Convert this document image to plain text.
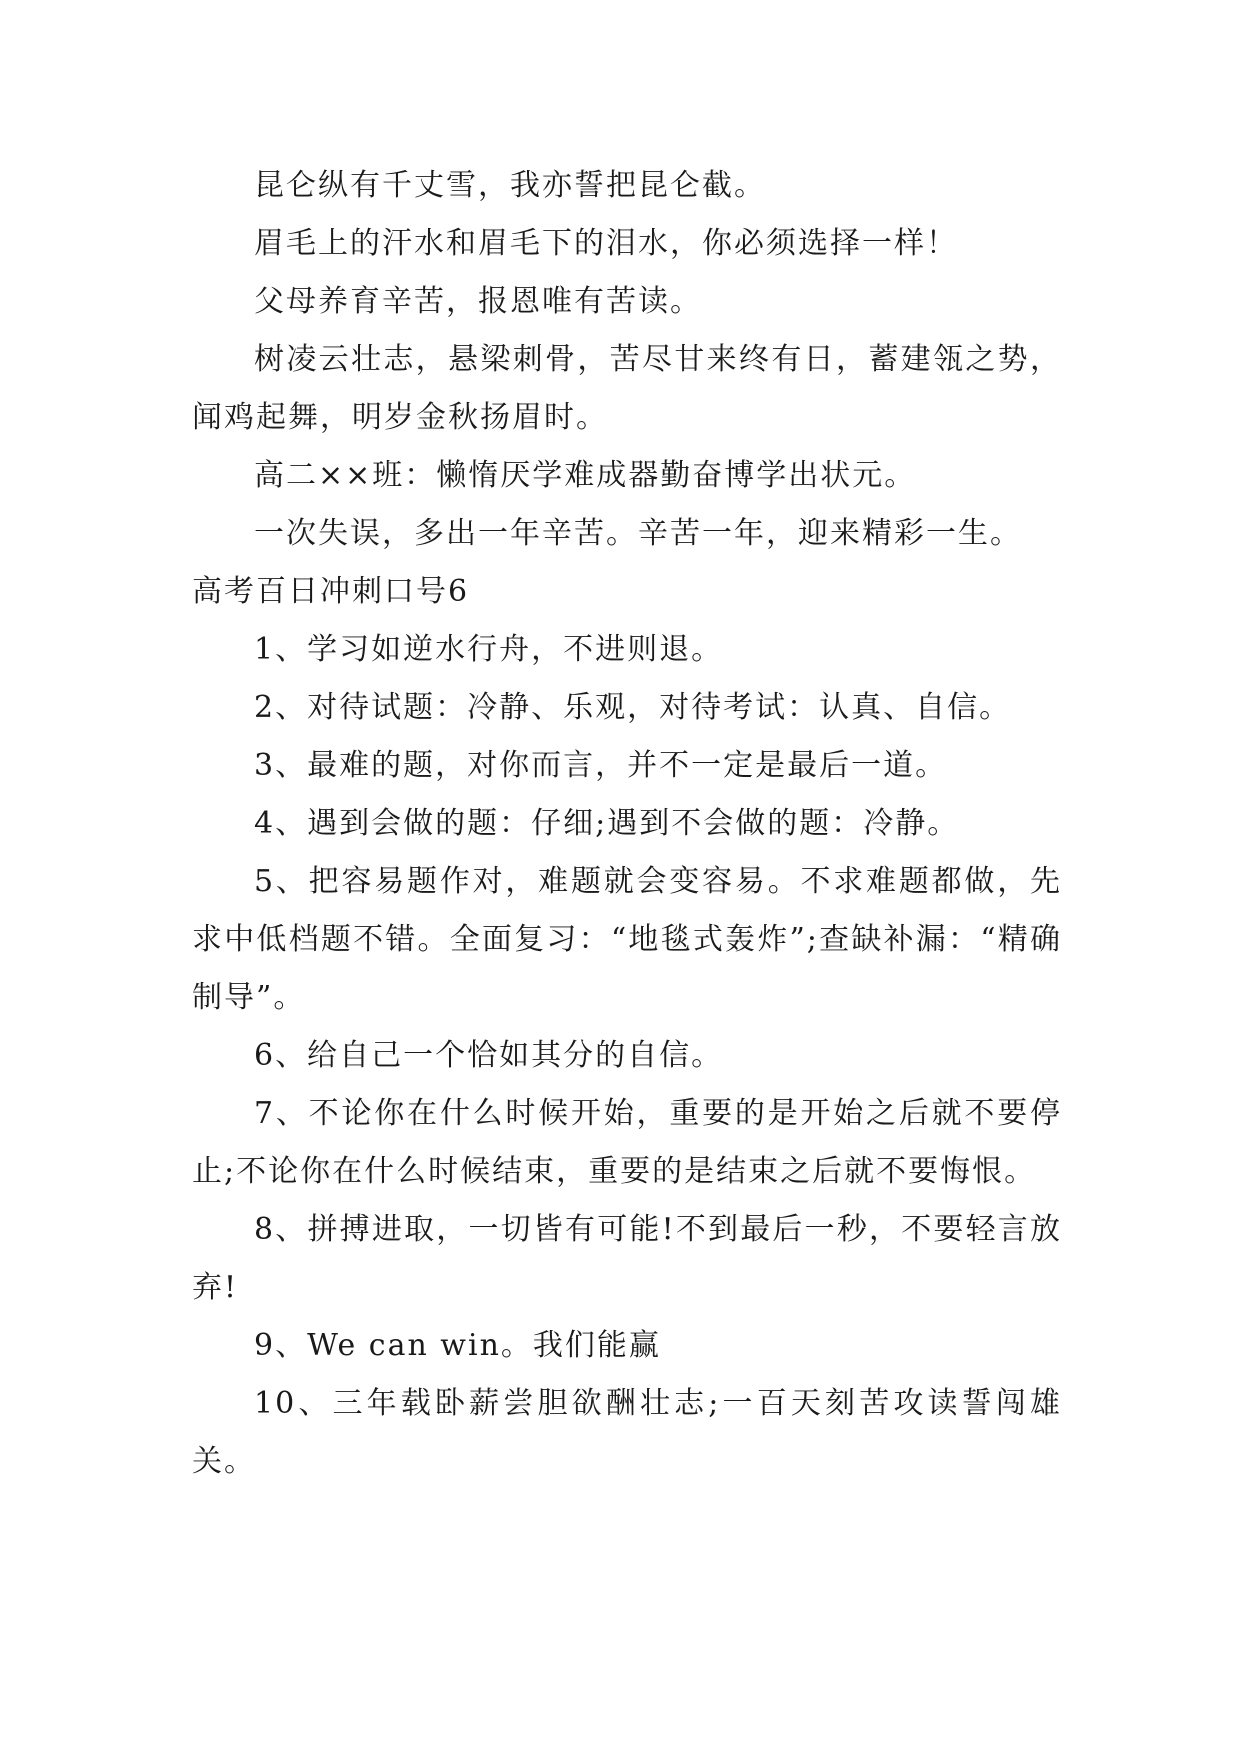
昆仑纵有千丈雪，我亦誓把昆仑截。

眉毛上的汗水和眉毛下的泪水，你必须选择一样！

父母养育辛苦，报恩唯有苦读。

树凌云壮志，悬梁刺骨，苦尽甘来终有日，蓄建瓴之势，闻鸡起舞，明岁金秋扬眉时。

高二××班：懒惰厌学难成器勤奋博学出状元。

一次失误，多出一年辛苦。辛苦一年，迎来精彩一生。

高考百日冲刺口号6

1、学习如逆水行舟，不进则退。

2、对待试题：冷静、乐观，对待考试：认真、自信。

3、最难的题，对你而言，并不一定是最后一道。

4、遇到会做的题：仔细;遇到不会做的题：冷静。

5、把容易题作对，难题就会变容易。不求难题都做，先求中低档题不错。全面复习：“地毯式轰炸”;查缺补漏：“精确制导”。

6、给自己一个恰如其分的自信。

7、不论你在什么时候开始，重要的是开始之后就不要停止;不论你在什么时候结束，重要的是结束之后就不要悔恨。

8、拼搏进取，一切皆有可能!不到最后一秒，不要轻言放弃!

9、We can win。我们能赢

10、三年载卧薪尝胆欲酬壮志;一百天刻苦攻读誓闯雄关。
